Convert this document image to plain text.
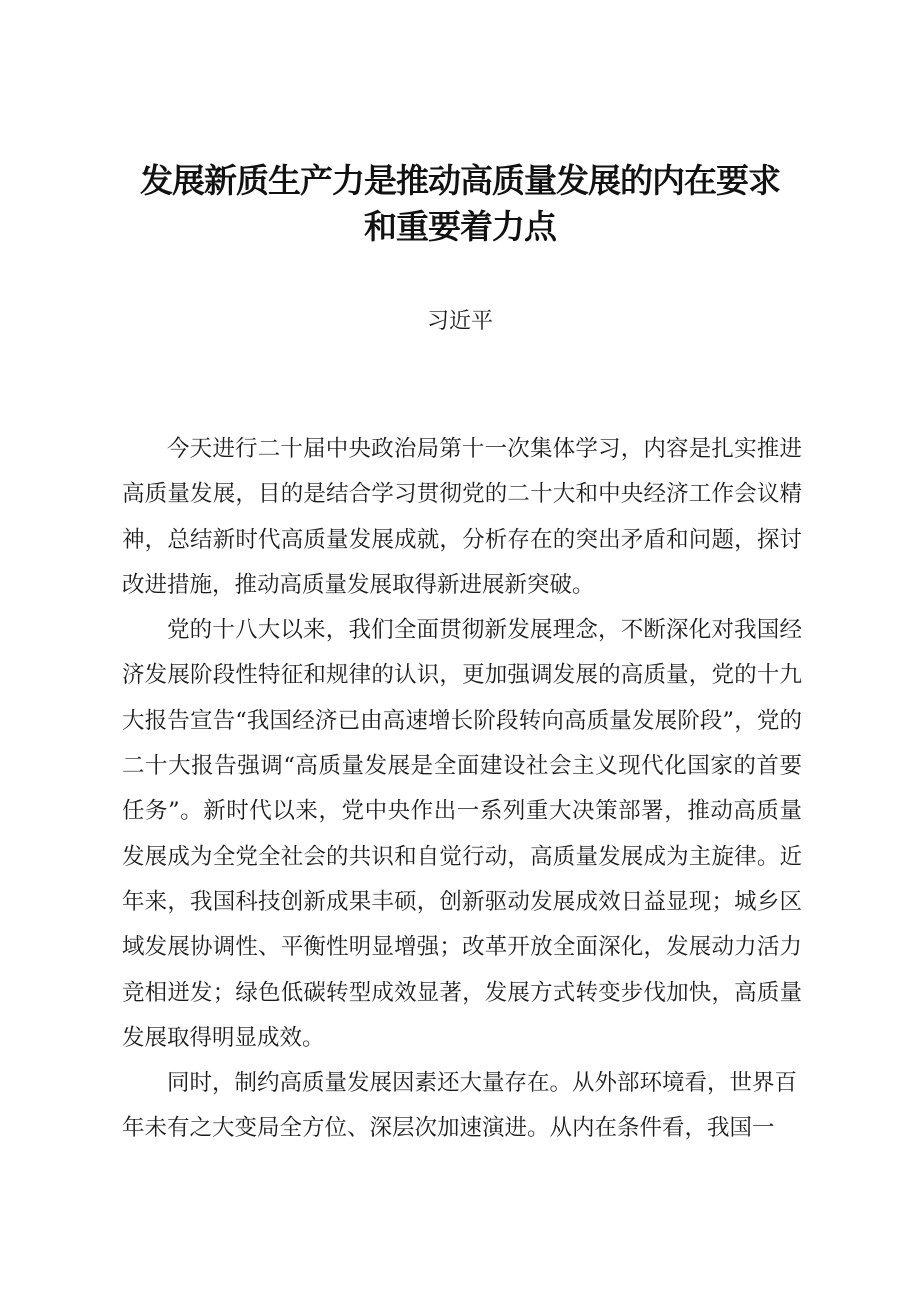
发展新质生产力是推动高质量发展的内在要求
和重要着力点
习近平

今天进行二十届中央政治局第十一次集体学习，内容是扎实推进高质量发展，目的是结合学习贯彻党的二十大和中央经济工作会议精神，总结新时代高质量发展成就，分析存在的突出矛盾和问题，探讨改进措施，推动高质量发展取得新进展新突破。

党的十八大以来，我们全面贯彻新发展理念，不断深化对我国经济发展阶段性特征和规律的认识，更加强调发展的高质量，党的十九大报告宣告“我国经济已由高速增长阶段转向高质量发展阶段”，党的二十大报告强调“高质量发展是全面建设社会主义现代化国家的首要任务”。新时代以来，党中央作出一系列重大决策部署，推动高质量发展成为全党全社会的共识和自觉行动，高质量发展成为主旋律。近年来，我国科技创新成果丰硕，创新驱动发展成效日益显现；城乡区域发展协调性、平衡性明显增强；改革开放全面深化，发展动力活力竞相迸发；绿色低碳转型成效显著，发展方式转变步伐加快，高质量发展取得明显成效。

同时，制约高质量发展因素还大量存在。从外部环境看，世界百年未有之大变局全方位、深层次加速演进。从内在条件看，我国一
